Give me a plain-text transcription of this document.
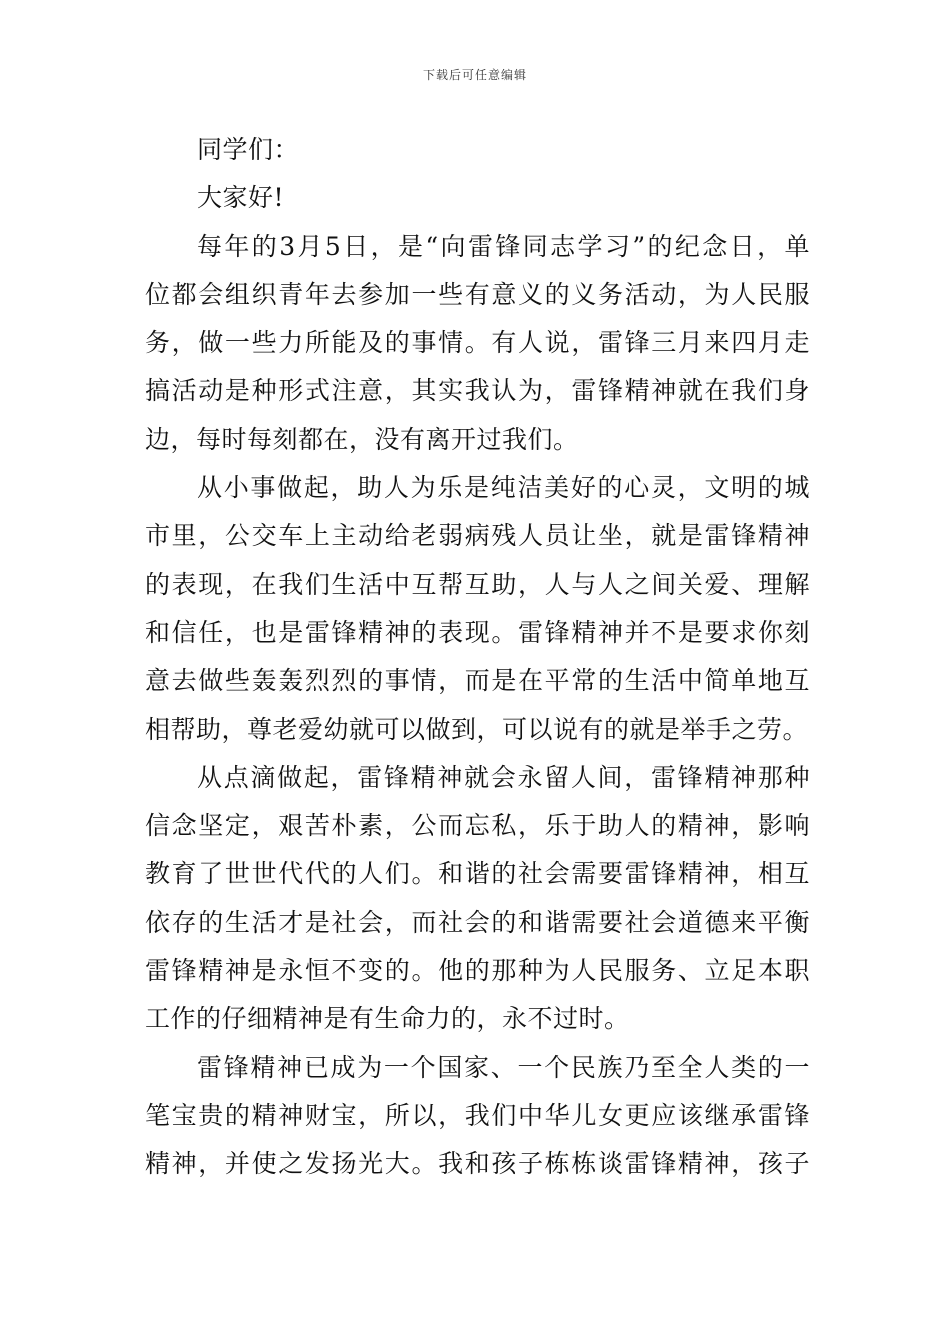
下载后可任意编辑
同学们：
大家好!
每年的3月5日，是“向雷锋同志学习”的纪念日，单
位都会组织青年去参加一些有意义的义务活动，为人民服
务，做一些力所能及的事情。有人说，雷锋三月来四月走
搞活动是种形式注意，其实我认为，雷锋精神就在我们身
边，每时每刻都在，没有离开过我们。
从小事做起，助人为乐是纯洁美好的心灵，文明的城
市里，公交车上主动给老弱病残人员让坐，就是雷锋精神
的表现，在我们生活中互帮互助，人与人之间关爱、理解
和信任，也是雷锋精神的表现。雷锋精神并不是要求你刻
意去做些轰轰烈烈的事情，而是在平常的生活中简单地互
相帮助，尊老爱幼就可以做到，可以说有的就是举手之劳。
从点滴做起，雷锋精神就会永留人间，雷锋精神那种
信念坚定，艰苦朴素，公而忘私，乐于助人的精神，影响
教育了世世代代的人们。和谐的社会需要雷锋精神，相互
依存的生活才是社会，而社会的和谐需要社会道德来平衡
雷锋精神是永恒不变的。他的那种为人民服务、立足本职
工作的仔细精神是有生命力的，永不过时。
雷锋精神已成为一个国家、一个民族乃至全人类的一
笔宝贵的精神财宝，所以，我们中华儿女更应该继承雷锋
精神，并使之发扬光大。我和孩子栋栋谈雷锋精神，孩子
